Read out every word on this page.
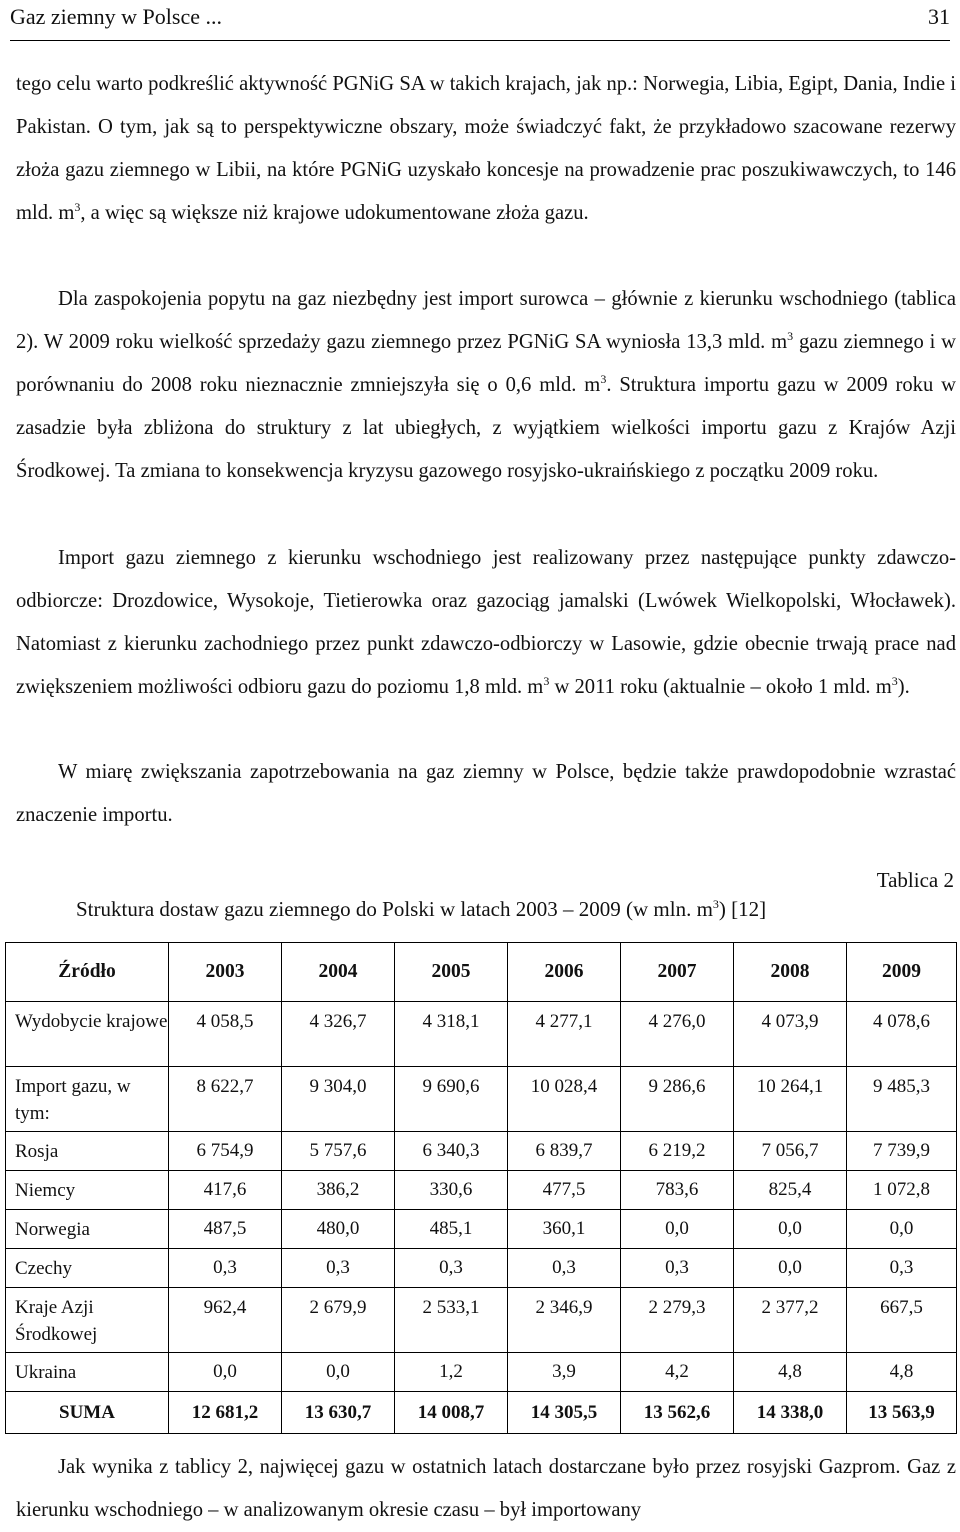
Gaz ziemny w Polsce ...	31

tego celu warto podkreślić aktywność PGNiG SA w takich krajach, jak np.: Norwegia, Libia, Egipt, Dania, Indie i Pakistan. O tym, jak są to perspektywiczne obszary, może świadczyć fakt, że przykładowo szacowane rezerwy złoża gazu ziemnego w Libii, na które PGNiG uzyskało koncesje na prowadzenie prac poszukiwawczych, to 146 mld. $m^3$, a więc są większe niż krajowe udokumentowane złoża gazu.

Dla zaspokojenia popytu na gaz niezbędny jest import surowca – głównie z kierunku wschodniego (tablica 2). W 2009 roku wielkość sprzedaży gazu ziemnego przez PGNiG SA wyniosła 13,3 mld. $m^3$ gazu ziemnego i w porównaniu do 2008 roku nieznacznie zmniejszyła się o 0,6 mld. $m^3$. Struktura importu gazu w 2009 roku w zasadzie była zbliżona do struktury z lat ubiegłych, z wyjątkiem wielkości importu gazu z Krajów Azji Środkowej. Ta zmiana to konsekwencja kryzysu gazowego rosyjsko-ukraińskiego z początku 2009 roku.

Import gazu ziemnego z kierunku wschodniego jest realizowany przez następujące punkty zdawczo-odbiorcze: Drozdowice, Wysokoje, Tietierowka oraz gazociąg jamalski (Lwówek Wielkopolski, Włocławek). Natomiast z kierunku zachodniego przez punkt zdawczo-odbiorczy w Lasowie, gdzie obecnie trwają prace nad zwiększeniem możliwości odbioru gazu do poziomu 1,8 mld. $m^3$ w 2011 roku (aktualnie – około 1 mld. $m^3$).

W miarę zwiększania zapotrzebowania na gaz ziemny w Polsce, będzie także prawdopodobnie wzrastać znaczenie importu.

Tablica 2
Struktura dostaw gazu ziemnego do Polski w latach 2003 – 2009 (w mln. $m^3$) [12]
Źródło	2003	2004	2005	2006	2007	2008	2009
Wydobycie krajowe	4 058,5	4 326,7	4 318,1	4 277,1	4 276,0	4 073,9	4 078,6
Import gazu, w tym:	8 622,7	9 304,0	9 690,6	10 028,4	9 286,6	10 264,1	9 485,3
Rosja	6 754,9	5 757,6	6 340,3	6 839,7	6 219,2	7 056,7	7 739,9
Niemcy	417,6	386,2	330,6	477,5	783,6	825,4	1 072,8
Norwegia	487,5	480,0	485,1	360,1	0,0	0,0	0,0
Czechy	0,3	0,3	0,3	0,3	0,3	0,0	0,3
Kraje Azji Środkowej	962,4	2 679,9	2 533,1	2 346,9	2 279,3	2 377,2	667,5
Ukraina	0,0	0,0	1,2	3,9	4,2	4,8	4,8
SUMA	12 681,2	13 630,7	14 008,7	14 305,5	13 562,6	14 338,0	13 563,9

Jak wynika z tablicy 2, najwięcej gazu w ostatnich latach dostarczane było przez rosyjski Gazprom. Gaz z kierunku wschodniego – w analizowanym okresie czasu – był importowany
